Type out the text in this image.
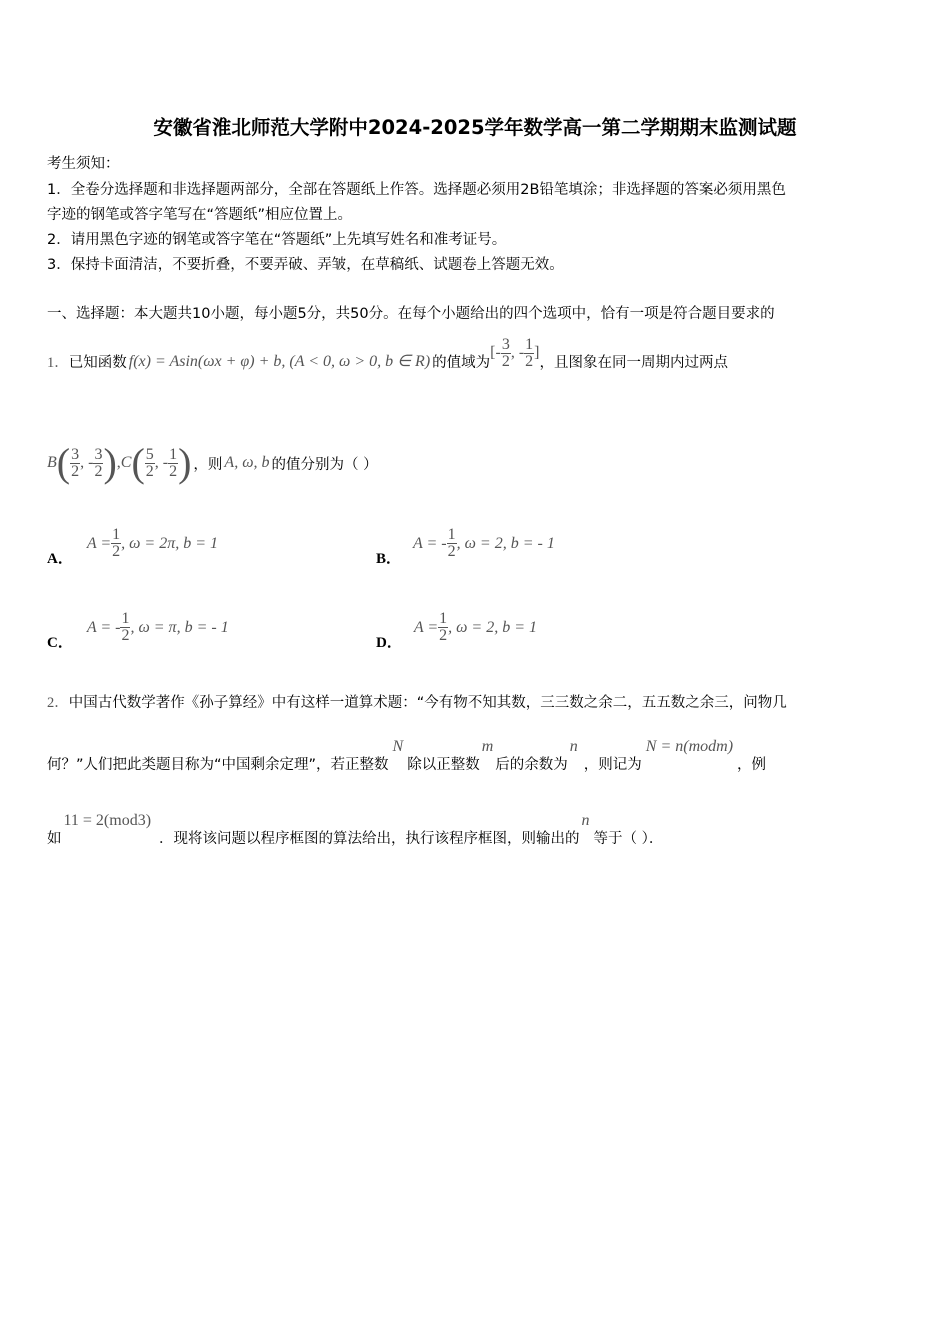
安徽省淮北师范大学附中2024-2025学年数学高一第二学期期末监测试题
考生须知：
1．全卷分选择题和非选择题两部分，全部在答题纸上作答。选择题必须用2B铅笔填涂；非选择题的答案必须用黑色
字迹的钢笔或答字笔写在“答题纸”相应位置上。
2．请用黑色字迹的钢笔或答字笔在“答题纸”上先填写姓名和准考证号。
3．保持卡面清洁，不要折叠，不要弄破、弄皱，在草稿纸、试题卷上答题无效。
一、选择题：本大题共10小题，每小题5分，共50分。在每个小题给出的四个选项中，恰有一项是符合题目要求的
1． 已知函数 f(x) = Asin(ωx + φ) + b, (A < 0, ω > 0, b ∈ R) 的值域为
[- $\frac{3}{2}$ , - $\frac{1}{2}$ ]
，且图象在同一周期内过两点
B ( $\frac{3}{2}$ , - $\frac{3}{2}$ ) , C ( $\frac{5}{2}$ , - $\frac{1}{2}$ ) ，则 A, ω, b 的值分别为（ ）
A．
$A = \frac{1}{2}$ , ω = 2π, b = 1
B．
A = - $\frac{1}{2}$ , ω = 2, b = - 1
C．
A = - $\frac{1}{2}$ , ω = π, b = - 1
D．
$A = \frac{1}{2}$ , ω = 2, b = 1
2．中国古代数学著作《孙子算经》中有这样一道算术题：“今有物不知其数，三三数之余二，五五数之余三，问物几
何？”人们把此类题目称为“中国剩余定理”，若正整数
N
除以正整数
m
后的余数为
n
，则记为
N = n(modm)
，例
如
11 = 2(mod3)
．现将该问题以程序框图的算法给出，执行该程序框图，则输出的
n
等于（ ）．
